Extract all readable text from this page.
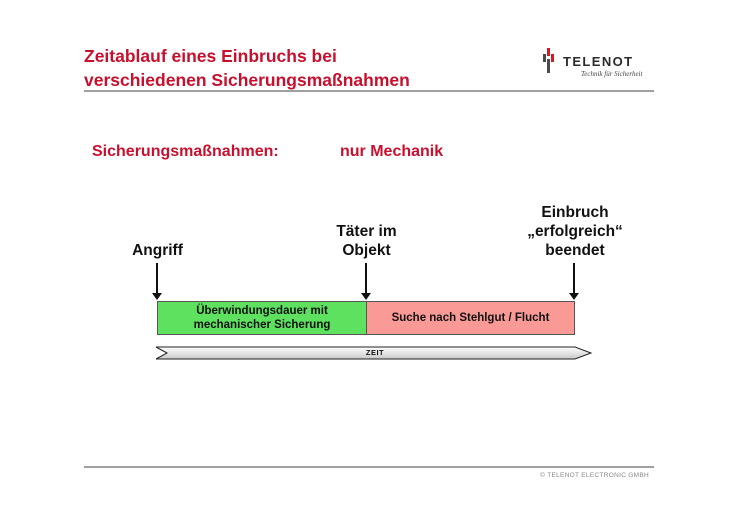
Zeitablauf eines Einbruchs bei
verschiedenen Sicherungsmaßnahmen
TELENOT
Technik für Sicherheit
Sicherungsmaßnahmen:	nur Mechanik
Angriff
Täter im
Objekt
Einbruch
„erfolgreich“
beendet
Überwindungsdauer mit
mechanischer Sicherung
Suche nach Stehlgut / Flucht
ZEIT
© TELENOT ELECTRONIC GMBH
